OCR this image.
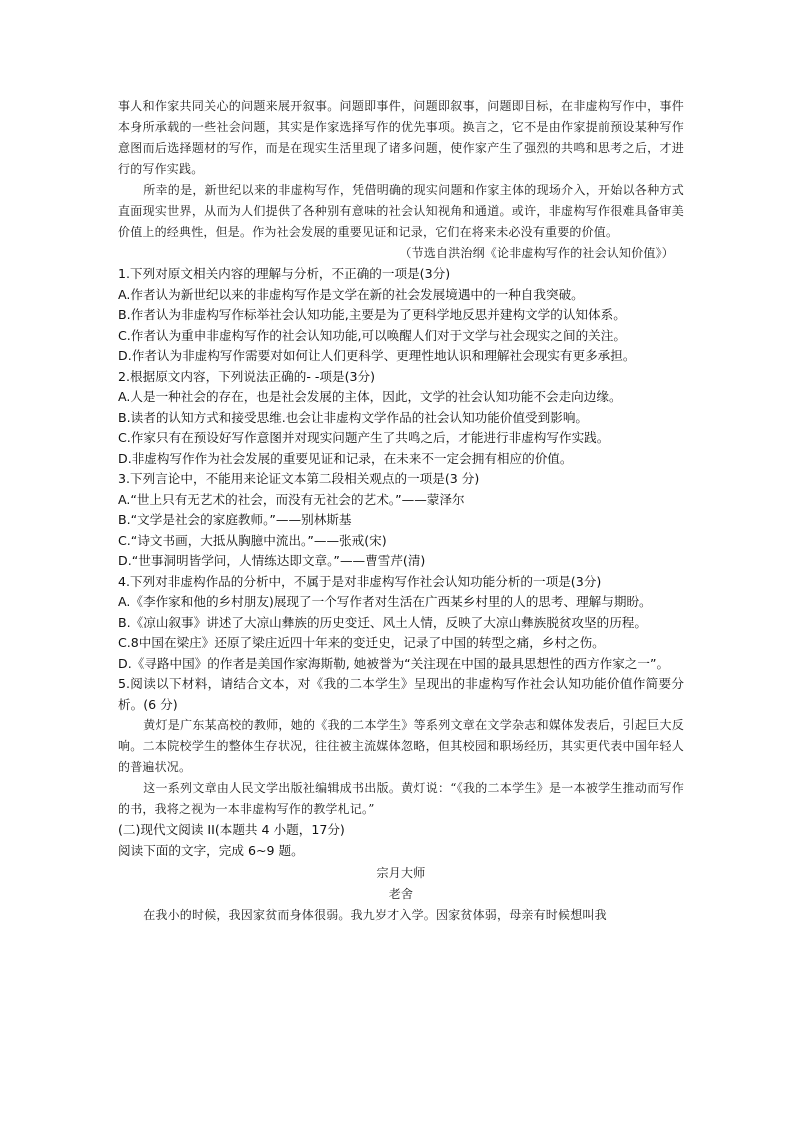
事人和作家共同关心的问题来展开叙事。问题即事件，问题即叙事，问题即目标，在非虚构写作中，事件本身所承载的一些社会问题，其实是作家选择写作的优先事项。换言之，它不是由作家提前预设某种写作意图而后选择题材的写作，而是在现实生活里现了诸多问题，使作家产生了强烈的共鸣和思考之后，才进行的写作实践。

所幸的是，新世纪以来的非虚构写作，凭借明确的现实问题和作家主体的现场介入，开始以各种方式直面现实世界，从而为人们提供了各种别有意味的社会认知视角和通道。或许，非虚构写作很难具备审美价值上的经典性，但是。作为社会发展的重要见证和记录，它们在将来未必没有重要的价值。

（节选自洪治纲《论非虚构写作的社会认知价值》）

1.下列对原文相关内容的理解与分析，不正确的一项是(3分)

A.作者认为新世纪以来的非虚构写作是文学在新的社会发展境遇中的一种自我突破。

B.作者认为非虚构写作标举社会认知功能,主要是为了更科学地反思并建构文学的认知体系。

C.作者认为重申非虚构写作的社会认知功能,可以唤醒人们对于文学与社会现实之间的关注。

D.作者认为非虚构写作需要对如何让人们更科学、更理性地认识和理解社会现实有更多承担。

2.根据原文内容，下列说法正确的- -项是(3分)

A.人是一种社会的存在，也是社会发展的主体，因此，文学的社会认知功能不会走向边缘。

B.读者的认知方式和接受思维.也会让非虚构文学作品的社会认知功能价值受到影响。

C.作家只有在预设好写作意图并对现实问题产生了共鸣之后，才能进行非虚构写作实践。

D.非虚构写作作为社会发展的重要见证和记录，在未来不一定会拥有相应的价值。

3.下列言论中，不能用来论证文本第二段相关观点的一项是(3 分)

A.“世上只有无艺术的社会，而没有无社会的艺术。”——蒙泽尔

B.“文学是社会的家庭教师。”——别林斯基

C.“诗文书画，大抵从胸臆中流出。”——张戒(宋)

D.“世事洞明皆学问，人情练达即文章。”——曹雪芹(清)

4.下列对非虚构作品的分析中，不属于是对非虚构写作社会认知功能分析的一项是(3分)

A.《李作家和他的乡村朋友)展现了一个写作者对生活在广西某乡村里的人的思考、理解与期盼。

B.《凉山叙事》讲述了大凉山彝族的历史变迁、风土人情，反映了大凉山彝族脱贫攻坚的历程。

C.8中国在梁庄》还原了梁庄近四十年来的变迁史，记录了中国的转型之痛，乡村之伤。

D.《寻路中国》的作者是美国作家海斯勒, 她被誉为“关注现在中国的最具思想性的西方作家之一”。

5.阅读以下材料，请结合文本，对《我的二本学生》呈现出的非虚构写作社会认知功能价值作简要分析。(6 分)

黄灯是广东某高校的教师，她的《我的二本学生》等系列文章在文学杂志和媒体发表后，引起巨大反响。二本院校学生的整体生存状况，往往被主流媒体忽略，但其校园和职场经历，其实更代表中国年轻人的普遍状况。

这一系列文章由人民文学出版社编辑成书出版。黄灯说：“《我的二本学生》是一本被学生推动而写作的书，我将之视为一本非虚构写作的教学札记。”

(二)现代文阅读 II(本题共 4 小题，17分)

阅读下面的文字，完成 6~9 题。

宗月大师

老舍

在我小的时候，我因家贫而身体很弱。我九岁才入学。因家贫体弱，母亲有时候想叫我
